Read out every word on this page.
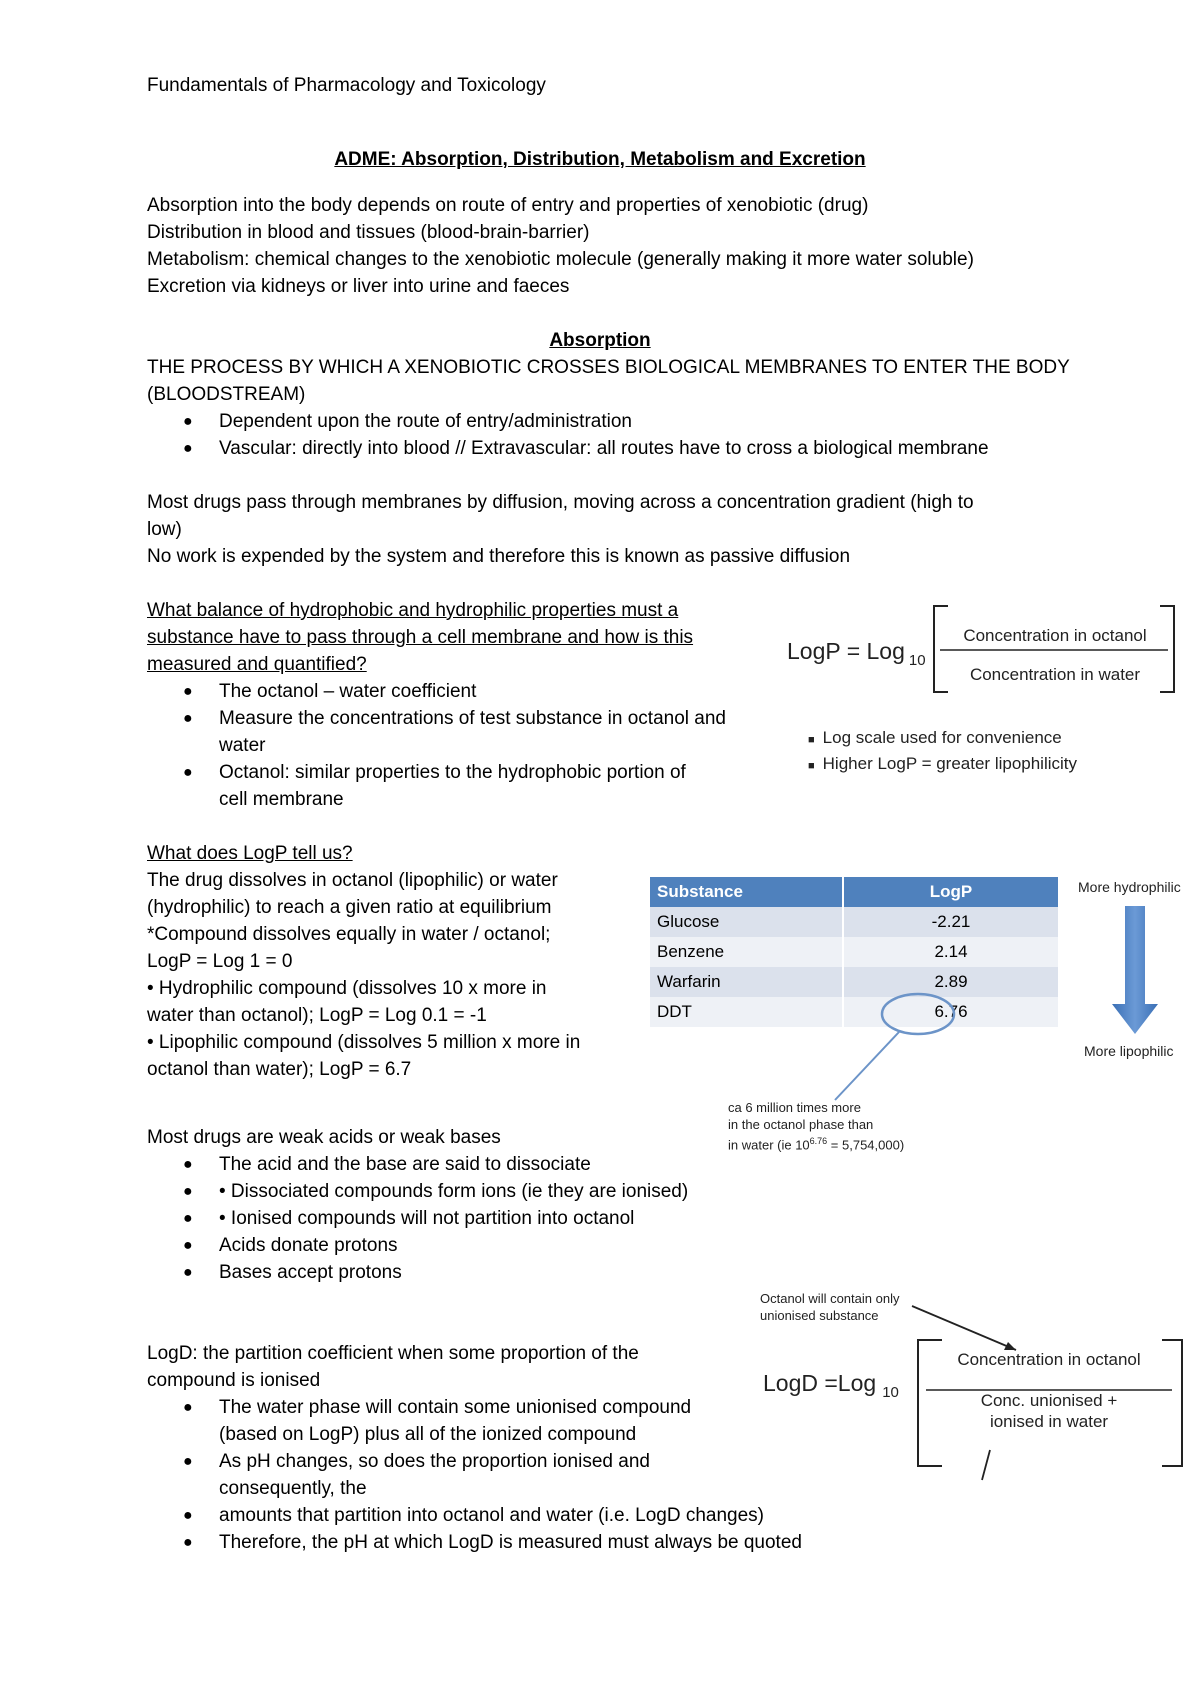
Fundamentals of Pharmacology and Toxicology
ADME: Absorption, Distribution, Metabolism and Excretion
Absorption into the body depends on route of entry and properties of xenobiotic (drug)
Distribution in blood and tissues (blood-brain-barrier)
Metabolism: chemical changes to the xenobiotic molecule (generally making it more water soluble)
Excretion via kidneys or liver into urine and faeces
Absorption
THE PROCESS BY WHICH A XENOBIOTIC CROSSES BIOLOGICAL MEMBRANES TO ENTER THE BODY
(BLOODSTREAM)
● Dependent upon the route of entry/administration
● Vascular: directly into blood // Extravascular: all routes have to cross a biological membrane
Most drugs pass through membranes by diffusion, moving across a concentration gradient (high to
low)
No work is expended by the system and therefore this is known as passive diffusion
What balance of hydrophobic and hydrophilic properties must a
substance have to pass through a cell membrane and how is this
measured and quantified?
● The octanol – water coefficient
● Measure the concentrations of test substance in octanol and
water
● Octanol: similar properties to the hydrophobic portion of
cell membrane
LogP = Log $_{10}$
Concentration in octanol
Concentration in water
■ Log scale used for convenience
■ Higher LogP = greater lipophilicity
What does LogP tell us?
The drug dissolves in octanol (lipophilic) or water
(hydrophilic) to reach a given ratio at equilibrium
*Compound dissolves equally in water / octanol;
LogP = Log 1 = 0
• Hydrophilic compound (dissolves 10 x more in
water than octanol); LogP = Log 0.1 = -1
• Lipophilic compound (dissolves 5 million x more in
octanol than water); LogP = 6.7
Substance	LogP
Glucose	-2.21
Benzene	2.14
Warfarin	2.89
DDT	6.76
ca 6 million times more
in the octanol phase than
in water (ie $10^{6.76} = 5,754,000$)
More hydrophilic
More lipophilic
Most drugs are weak acids or weak bases
● The acid and the base are said to dissociate
● • Dissociated compounds form ions (ie they are ionised)
● • Ionised compounds will not partition into octanol
● Acids donate protons
● Bases accept protons
LogD: the partition coefficient when some proportion of the
compound is ionised
● The water phase will contain some unionised compound
(based on LogP) plus all of the ionized compound
● As pH changes, so does the proportion ionised and
consequently, the
● amounts that partition into octanol and water (i.e. LogD changes)
● Therefore, the pH at which LogD is measured must always be quoted
Octanol will contain only
unionised substance
LogD =Log $_{10}$
Concentration in octanol
Conc. unionised +
ionised in water
